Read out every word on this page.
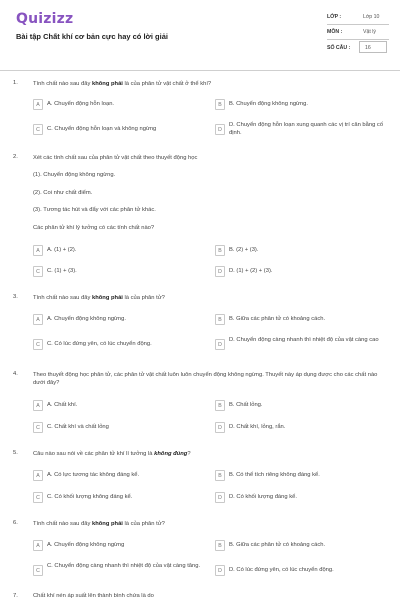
Quizizz
Bài tập Chất khí cơ bản cực hay có lời giải
LỚP :	Lớp 10
MÔN :	Vật lý
SỐ CÂU :	16
1.	Tính chất nào sau đây không phải là của phân tử vật chất ở thể khí?
A	A. Chuyển động hỗn loạn.	B	B. Chuyển động không ngừng.
C	C. Chuyển động hỗn loạn và không ngừng	D
D. Chuyển động hỗn loạn xung quanh các vị trí cân bằng cố định.
2.	Xét các tính chất sau của phân tử vật chất theo thuyết động học
(1). Chuyển động không ngừng.
(2). Coi như chất điểm.
(3). Tương tác hút và đẩy với các phân tử khác.
Các phân tử khí lý tưởng có các tính chất nào?
A	A. (1) + (2).	B	B. (2) + (3).
C	C. (1) + (3).	D	D. (1) + (2) + (3).
3.	Tính chất nào sau đây không phải là của phân tử?
A	A. Chuyển động không ngừng.	B	B. Giữa các phân tử có khoảng cách.
C	C. Có lúc đứng yên, có lúc chuyển động.	D
D. Chuyển động càng nhanh thì nhiệt độ của vật càng cao
4.	Theo thuyết động học phân tử, các phân tử vật chất luôn luôn chuyển động không ngừng. Thuyết này áp dụng được cho các chất nào dưới đây?
A	A. Chất khí.	B	B. Chất lỏng.
C	C. Chất khí và chất lỏng	D	D. Chất khí, lỏng, rắn.
5.	Câu nào sau nói về các phân tử khí lí tưởng là không đúng?
A	A. Có lực tương tác không đáng kể.	B	B. Có thể tích riêng không đáng kể.
C	C. Có khối lượng không đáng kể.	D	D. Có khối lượng đáng kể.
6.	Tính chất nào sau đây không phải là của phân tử?
A	A. Chuyển động không ngừng	B	B. Giữa các phân tử có khoảng cách.
C
C. Chuyển động càng nhanh thì nhiệt độ của vật càng tăng.
D	D. Có lúc đứng yên, có lúc chuyển động.
7.	Chất khí nén áp suất lên thành bình chứa là do
